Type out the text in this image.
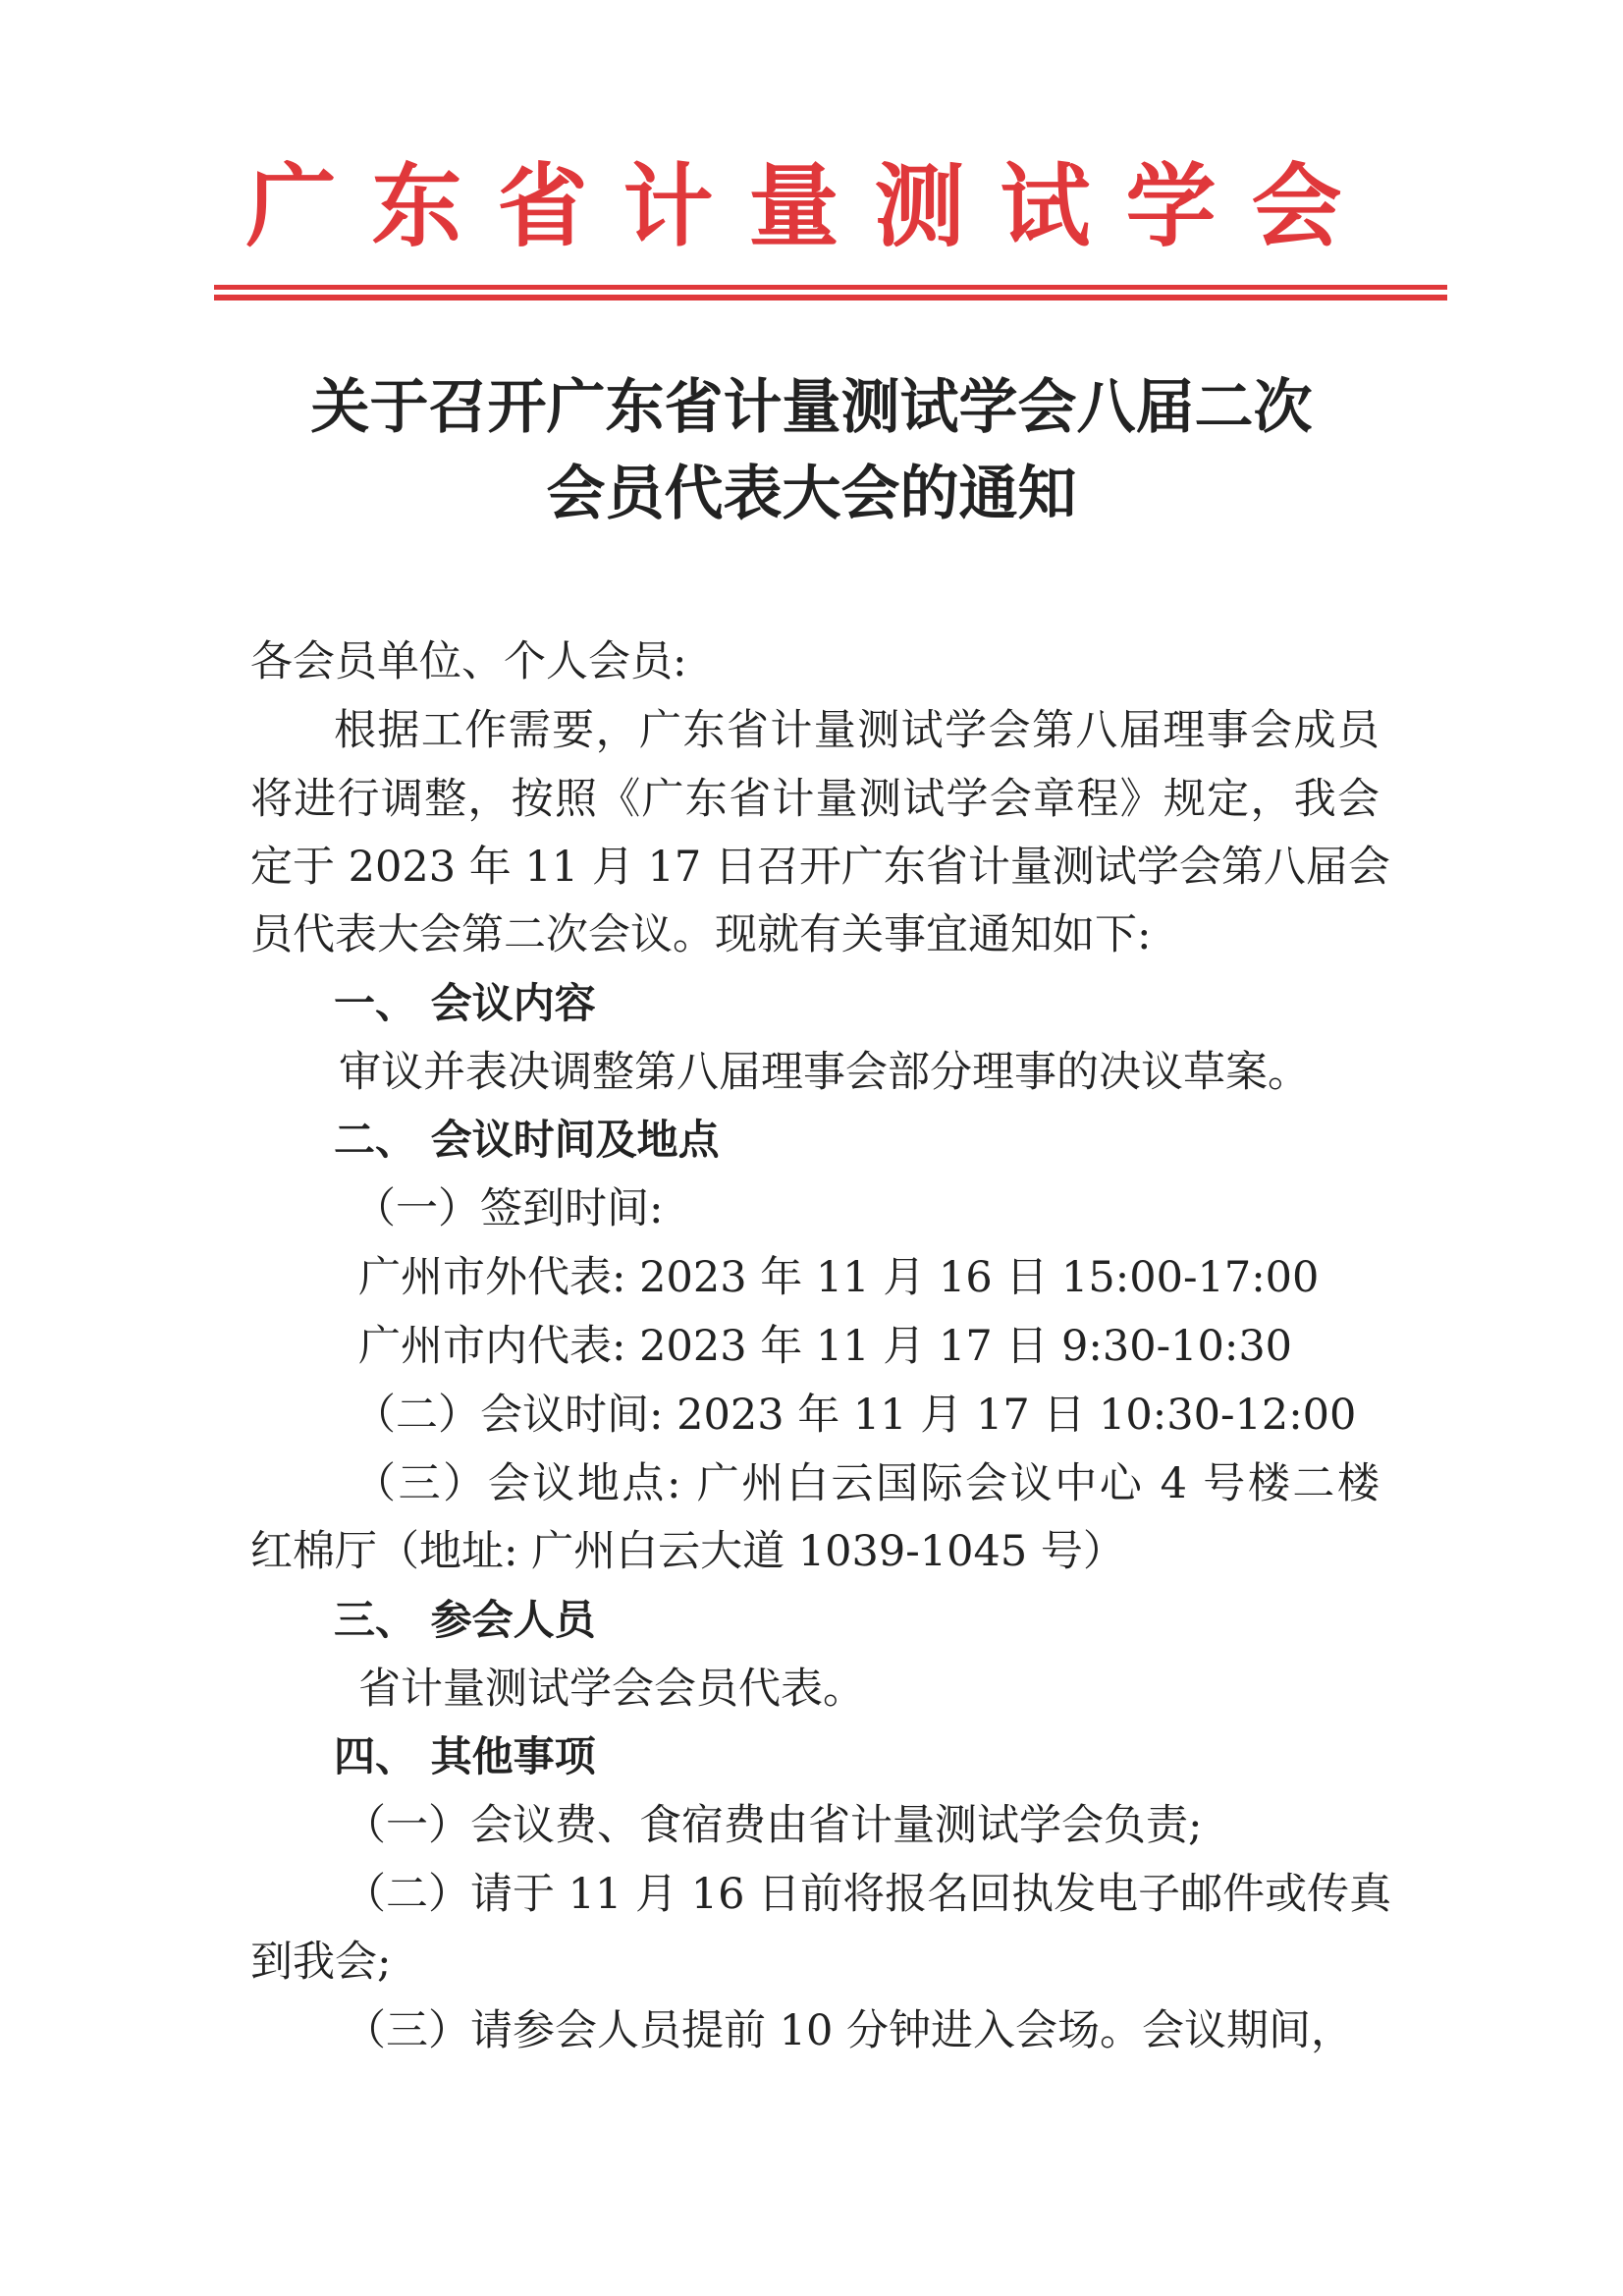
广东省计量测试学会
关于召开广东省计量测试学会八届二次
会员代表大会的通知
各会员单位、个人会员:
根据工作需要，广东省计量测试学会第八届理事会成员
将进行调整，按照《广东省计量测试学会章程》规定，我会
定于 2023 年 11 月 17 日召开广东省计量测试学会第八届会
员代表大会第二次会议。现就有关事宜通知如下:
一、 会议内容
审议并表决调整第八届理事会部分理事的决议草案。
二、 会议时间及地点
（一）签到时间:
广州市外代表: 2023 年 11 月 16 日 15:00-17:00
广州市内代表: 2023 年 11 月 17 日 9:30-10:30
（二）会议时间: 2023 年 11 月 17 日 10:30-12:00
（三）会议地点: 广州白云国际会议中心 4 号楼二楼
红棉厅（地址: 广州白云大道 1039-1045 号）
三、 参会人员
省计量测试学会会员代表。
四、 其他事项
（一）会议费、食宿费由省计量测试学会负责;
（二）请于 11 月 16 日前将报名回执发电子邮件或传真
到我会;
（三）请参会人员提前 10 分钟进入会场。会议期间，
